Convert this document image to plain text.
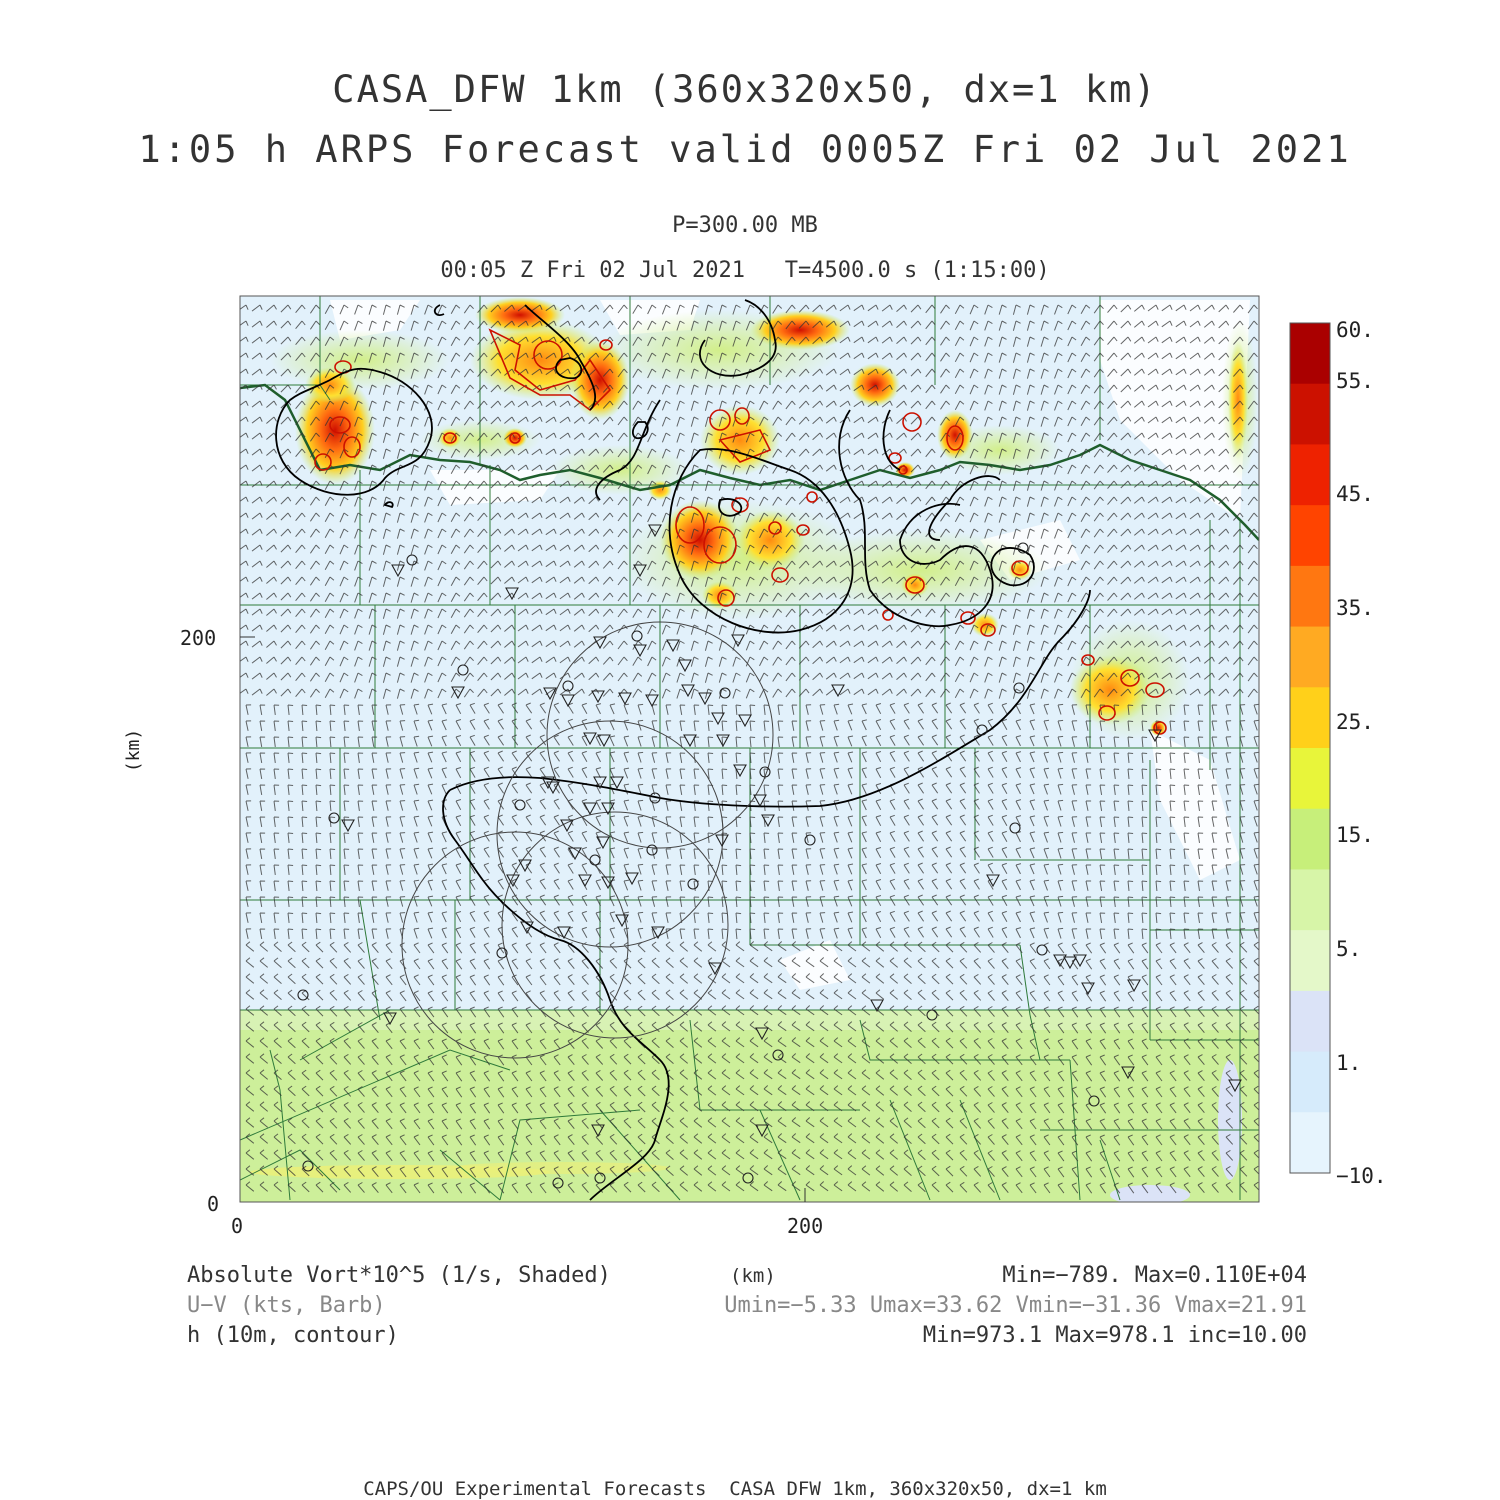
CASA_DFW 1km (360x320x50, dx=1 km)
1:05 h ARPS Forecast valid 0005Z Fri 02 Jul 2021
P=300.00 MB
00:05 Z Fri 02 Jul 2021   T=4500.0 s (1:15:00)
200
0
0	200
(km)
60.
55.
45.
35.
25.
15.
5.
1.
−10.
Absolute Vort*10^5 (1/s, Shaded)	(km)	Min=−789. Max=0.110E+04
U−V (kts, Barb)	Umin=−5.33 Umax=33.62 Vmin=−31.36 Vmax=21.91
h (10m, contour)	Min=973.1 Max=978.1 inc=10.00
CAPS/OU Experimental Forecasts  CASA DFW 1km, 360x320x50, dx=1 km
